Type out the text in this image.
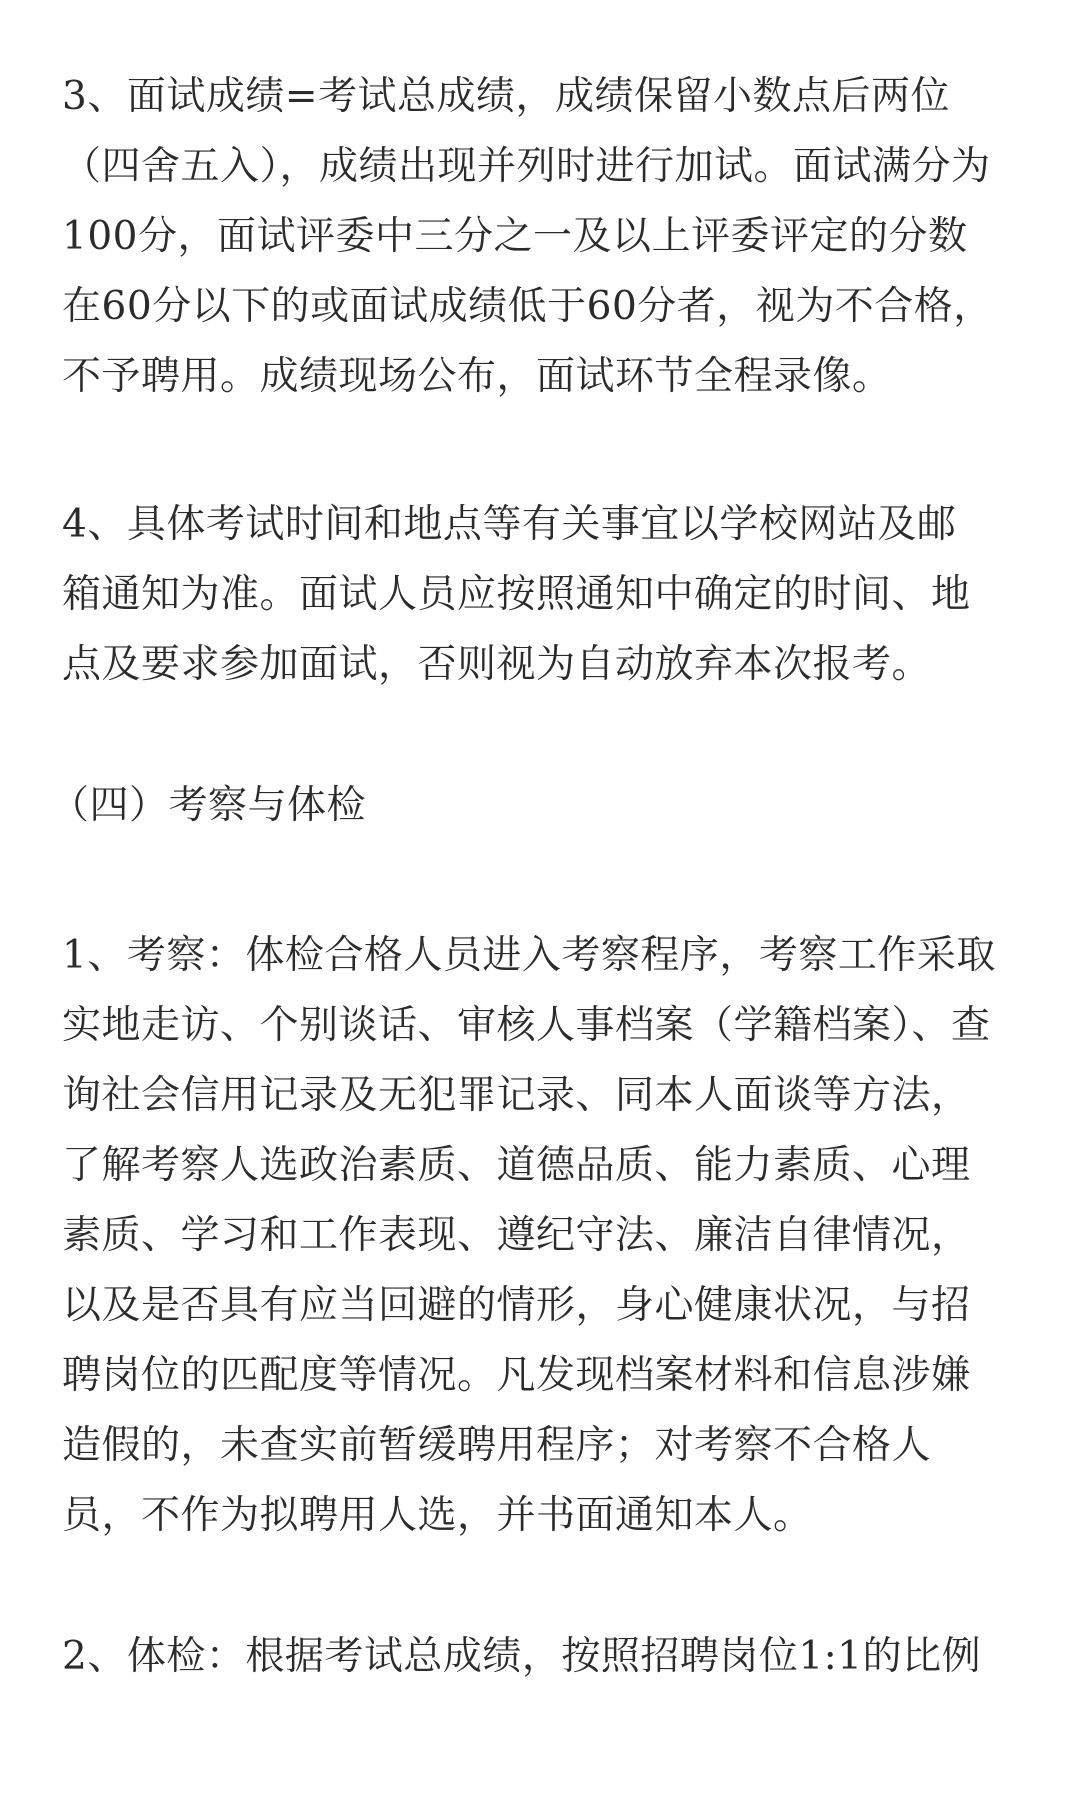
3、面试成绩=考试总成绩，成绩保留小数点后两位
（四舍五入），成绩出现并列时进行加试。面试满分为
100分，面试评委中三分之一及以上评委评定的分数
在60分以下的或面试成绩低于60分者，视为不合格，
不予聘用。成绩现场公布，面试环节全程录像。
4、具体考试时间和地点等有关事宜以学校网站及邮
箱通知为准。面试人员应按照通知中确定的时间、地
点及要求参加面试，否则视为自动放弃本次报考。
（四）考察与体检
1、考察：体检合格人员进入考察程序，考察工作采取
实地走访、个别谈话、审核人事档案（学籍档案）、查
询社会信用记录及无犯罪记录、同本人面谈等方法，
了解考察人选政治素质、道德品质、能力素质、心理
素质、学习和工作表现、遵纪守法、廉洁自律情况，
以及是否具有应当回避的情形，身心健康状况，与招
聘岗位的匹配度等情况。凡发现档案材料和信息涉嫌
造假的，未查实前暂缓聘用程序；对考察不合格人
员，不作为拟聘用人选，并书面通知本人。
2、体检：根据考试总成绩，按照招聘岗位1:1的比例
